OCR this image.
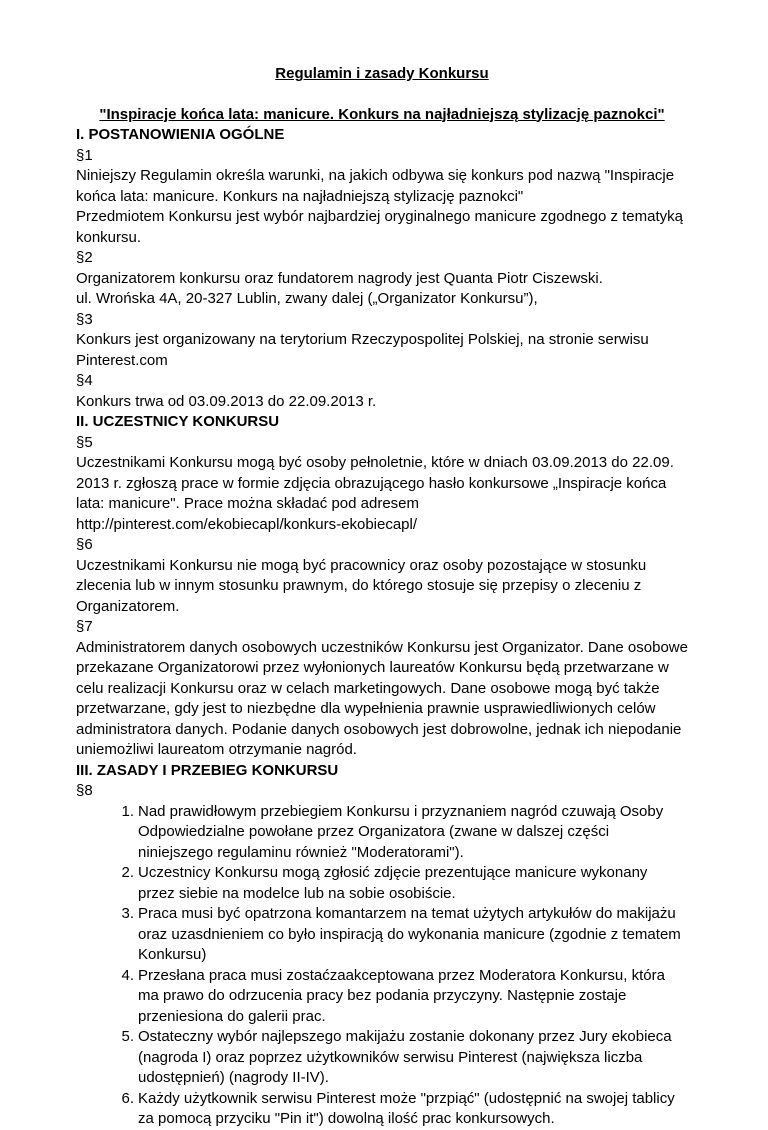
Regulamin i zasady Konkursu

"Inspiracje końca lata: manicure. Konkurs na najładniejszą stylizację paznokci"

I. POSTANOWIENIA OGÓLNE

§1

Niniejszy Regulamin określa warunki, na jakich odbywa się konkurs pod nazwą "Inspiracje końca lata: manicure. Konkurs na najładniejszą stylizację paznokci"

Przedmiotem Konkursu jest wybór najbardziej oryginalnego manicure zgodnego z tematyką konkursu.

§2

Organizatorem konkursu oraz fundatorem nagrody jest Quanta Piotr Ciszewski.

ul. Wrońska 4A, 20-327 Lublin, zwany dalej („Organizator Konkursu”),

§3

Konkurs jest organizowany na terytorium Rzeczypospolitej Polskiej, na stronie serwisu Pinterest.com

§4

Konkurs trwa od 03.09.2013 do 22.09.2013 r.

II. UCZESTNICY KONKURSU

§5

Uczestnikami Konkursu mogą być osoby pełnoletnie, które w dniach 03.09.2013 do 22.09. 2013 r. zgłoszą prace w formie zdjęcia obrazującego hasło konkursowe „Inspiracje końca lata: manicure". Prace można składać pod adresem

http://pinterest.com/ekobiecapl/konkurs-ekobiecapl/

§6

Uczestnikami Konkursu nie mogą być pracownicy oraz osoby pozostające w stosunku zlecenia lub w innym stosunku prawnym, do którego stosuje się przepisy o zleceniu z Organizatorem.

§7

Administratorem danych osobowych uczestników Konkursu jest Organizator. Dane osobowe przekazane Organizatorowi przez wyłonionych laureatów Konkursu będą przetwarzane w celu realizacji Konkursu oraz w celach marketingowych. Dane osobowe mogą być także przetwarzane, gdy jest to niezbędne dla wypełnienia prawnie usprawiedliwionych celów administratora danych. Podanie danych osobowych jest dobrowolne, jednak ich niepodanie uniemożliwi laureatom otrzymanie nagród.

III. ZASADY I PRZEBIEG KONKURSU

§8

1. Nad prawidłowym przebiegiem Konkursu i przyznaniem nagród czuwają Osoby Odpowiedzialne powołane przez Organizatora (zwane w dalszej części niniejszego regulaminu również "Moderatorami").
2. Uczestnicy Konkursu mogą zgłosić zdjęcie prezentujące manicure wykonany przez siebie na modelce lub na sobie osobiście.
3. Praca musi być opatrzona komantarzem na temat użytych artykułów do makijażu oraz uzasdnieniem co było inspiracją do wykonania manicure (zgodnie z tematem Konkursu)
4. Przesłana praca musi zostaćzaakceptowana przez Moderatora Konkursu, która ma prawo do odrzucenia pracy bez podania przyczyny. Następnie zostaje przeniesiona do galerii prac.
5. Ostateczny wybór najlepszego makijażu zostanie dokonany przez Jury ekobieca (nagroda I) oraz poprzez użytkowników serwisu Pinterest (największa liczba udostępnień) (nagrody II-IV).
6. Każdy użytkownik serwisu Pinterest może "przpiąć" (udostępnić na swojej tablicy za pomocą przyciku "Pin it") dowolną ilość prac konkursowych.
